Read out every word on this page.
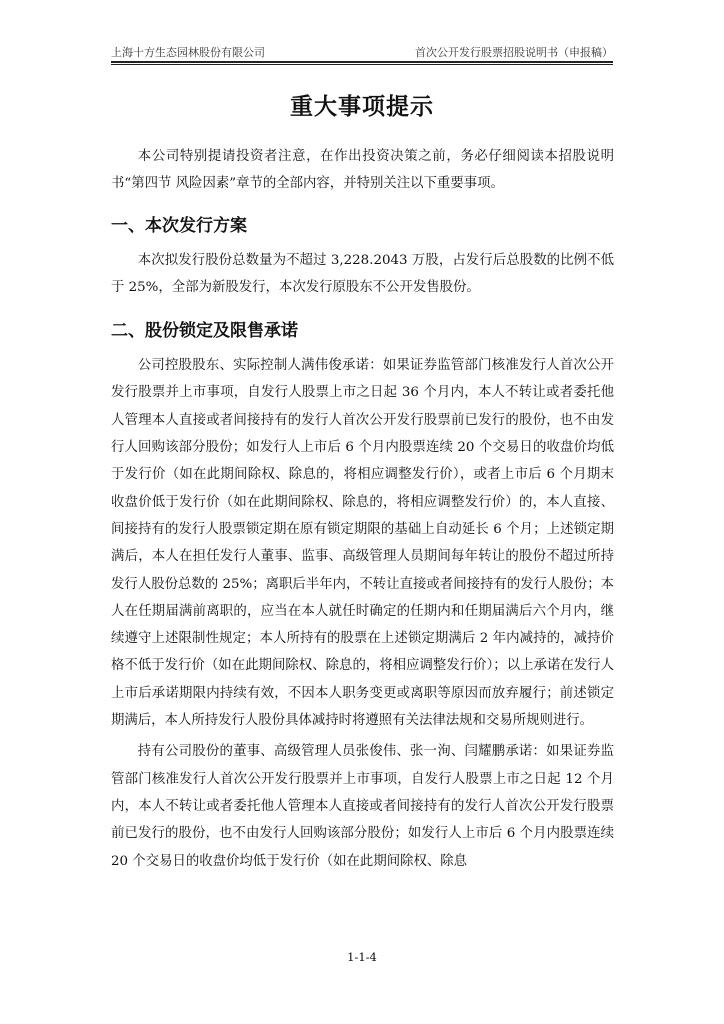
上海十方生态园林股份有限公司	首次公开发行股票招股说明书（申报稿）
重大事项提示

本公司特别提请投资者注意，在作出投资决策之前，务必仔细阅读本招股说明书“第四节 风险因素”章节的全部内容，并特别关注以下重要事项。

一、本次发行方案

本次拟发行股份总数量为不超过 3,228.2043 万股，占发行后总股数的比例不低于 25%，全部为新股发行，本次发行原股东不公开发售股份。

二、股份锁定及限售承诺

公司控股股东、实际控制人满伟俊承诺：如果证券监管部门核准发行人首次公开发行股票并上市事项，自发行人股票上市之日起 36 个月内，本人不转让或者委托他人管理本人直接或者间接持有的发行人首次公开发行股票前已发行的股份，也不由发行人回购该部分股份；如发行人上市后 6 个月内股票连续 20 个交易日的收盘价均低于发行价（如在此期间除权、除息的，将相应调整发行价），或者上市后 6 个月期末收盘价低于发行价（如在此期间除权、除息的，将相应调整发行价）的，本人直接、间接持有的发行人股票锁定期在原有锁定期限的基础上自动延长 6 个月；上述锁定期满后，本人在担任发行人董事、监事、高级管理人员期间每年转让的股份不超过所持发行人股份总数的 25%；离职后半年内，不转让直接或者间接持有的发行人股份；本人在任期届满前离职的，应当在本人就任时确定的任期内和任期届满后六个月内，继续遵守上述限制性规定；本人所持有的股票在上述锁定期满后 2 年内减持的，减持价格不低于发行价（如在此期间除权、除息的，将相应调整发行价）；以上承诺在发行人上市后承诺期限内持续有效，不因本人职务变更或离职等原因而放弃履行；前述锁定期满后，本人所持发行人股份具体减持时将遵照有关法律法规和交易所规则进行。

持有公司股份的董事、高级管理人员张俊伟、张一洵、闫耀鹏承诺：如果证券监管部门核准发行人首次公开发行股票并上市事项，自发行人股票上市之日起 12 个月内，本人不转让或者委托他人管理本人直接或者间接持有的发行人首次公开发行股票前已发行的股份，也不由发行人回购该部分股份；如发行人上市后 6 个月内股票连续 20 个交易日的收盘价均低于发行价（如在此期间除权、除息

1-1-4
